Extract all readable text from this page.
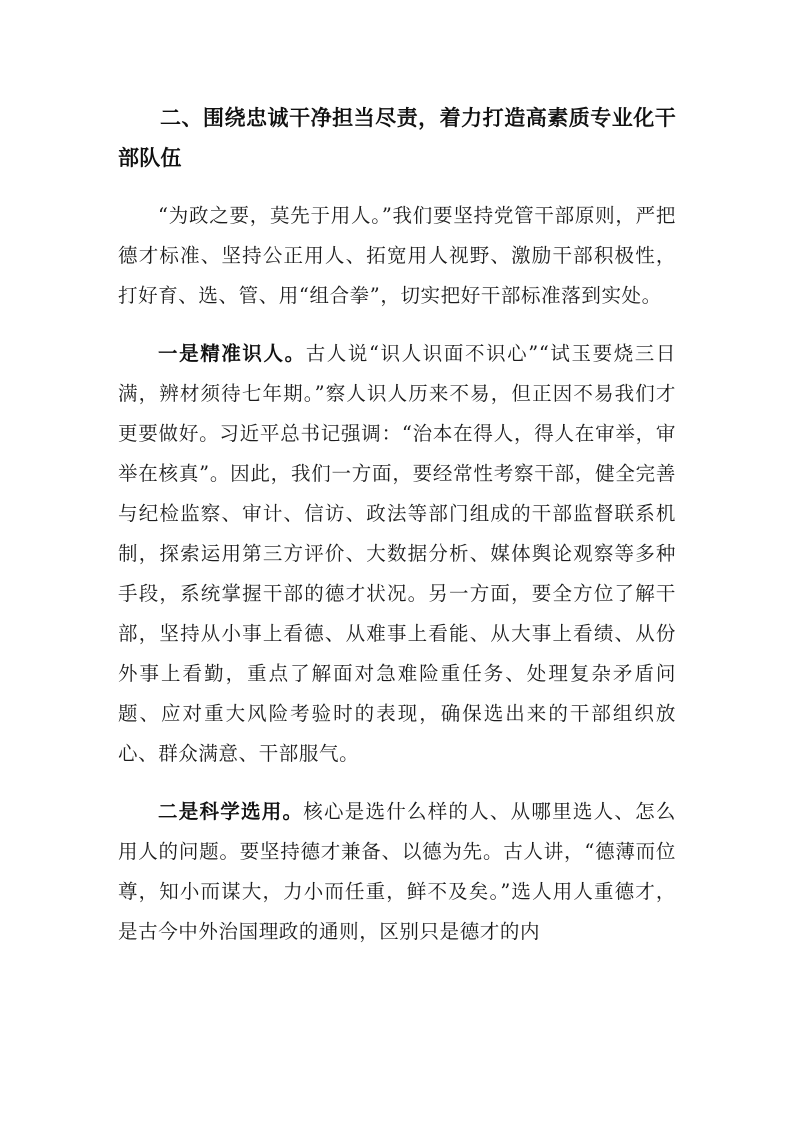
二、围绕忠诚干净担当尽责，着力打造高素质专业化干部队伍

“为政之要，莫先于用人。”我们要坚持党管干部原则，严把德才标准、坚持公正用人、拓宽用人视野、激励干部积极性，打好育、选、管、用“组合拳”，切实把好干部标准落到实处。

一是精准识人。古人说“识人识面不识心”“试玉要烧三日满，辨材须待七年期。”察人识人历来不易，但正因不易我们才更要做好。习近平总书记强调：“治本在得人，得人在审举，审举在核真”。因此，我们一方面，要经常性考察干部，健全完善与纪检监察、审计、信访、政法等部门组成的干部监督联系机制，探索运用第三方评价、大数据分析、媒体舆论观察等多种手段，系统掌握干部的德才状况。另一方面，要全方位了解干部，坚持从小事上看德、从难事上看能、从大事上看绩、从份外事上看勤，重点了解面对急难险重任务、处理复杂矛盾问题、应对重大风险考验时的表现，确保选出来的干部组织放心、群众满意、干部服气。

二是科学选用。核心是选什么样的人、从哪里选人、怎么用人的问题。要坚持德才兼备、以德为先。古人讲，“德薄而位尊，知小而谋大，力小而任重，鲜不及矣。”选人用人重德才，是古今中外治国理政的通则，区别只是德才的内
